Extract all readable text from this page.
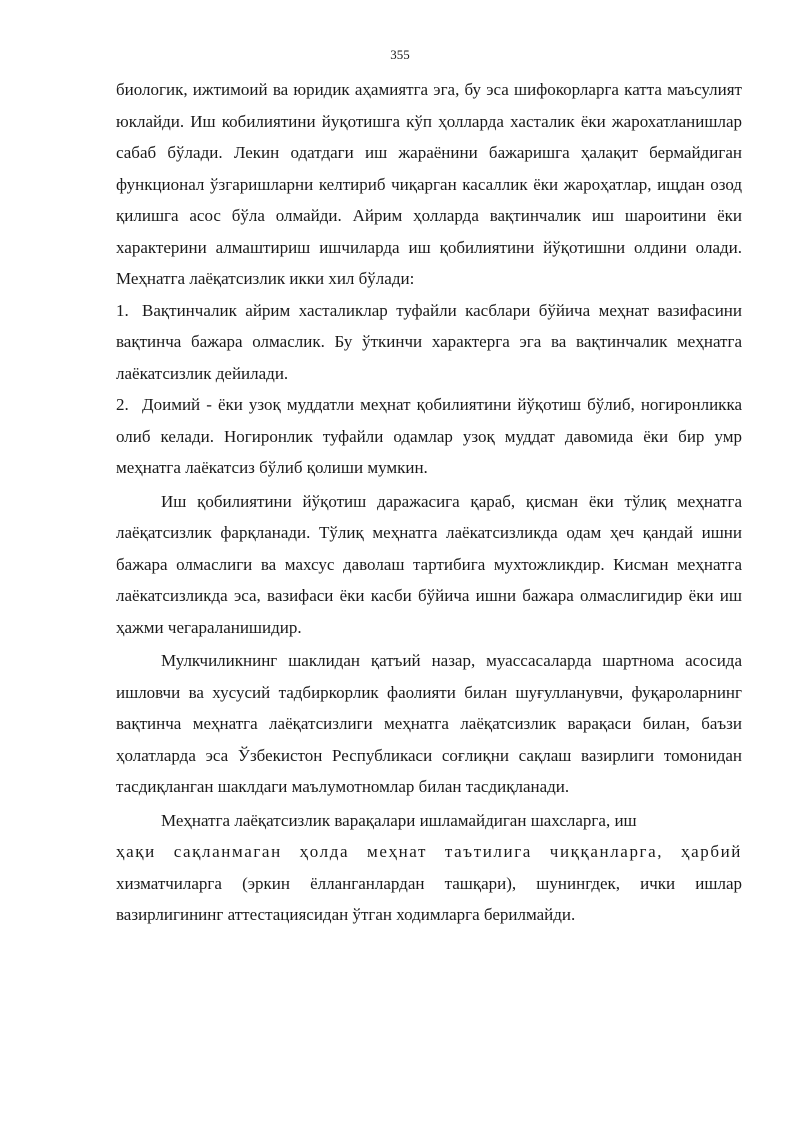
355

биологик, ижтимоий ва юридик аҳамиятга эга, бу эса шифокорларга катта маъсулият юклайди. Иш кобилиятини йуқотишга кўп ҳолларда хасталик ёки жарохатланишлар сабаб бўлади. Лекин одатдаги иш жараёнини бажаришга ҳалақит бермайдиган функционал ўзгаришларни келтириб чиқарган касаллик ёки жароҳатлар, ищдан озод қилишга асос бўла олмайди. Айрим ҳолларда вақтинчалик иш шароитини ёки характерини алмаштириш ишчиларда иш қобилиятини йўқотишни олдини олади. Меҳнатга лаёқатсизлик икки хил бўлади:

1. Вақтинчалик айрим хасталиклар туфайли касблари бўйича меҳнат вазифасини вақтинча бажара олмаслик. Бу ўткинчи характерга эга ва вақтинчалик меҳнатга лаёкатсизлик дейилади.

2. Доимий - ёки узоқ муддатли меҳнат қобилиятини йўқотиш бўлиб, ногиронликка олиб келади. Ногиронлик туфайли одамлар узоқ муддат давомида ёки бир умр меҳнатга лаёкатсиз бўлиб қолиши мумкин.

Иш қобилиятини йўқотиш даражасига қараб, қисман ёки тўлиқ меҳнатга лаёқатсизлик фарқланади. Тўлиқ меҳнатга лаёкатсизликда одам ҳеч қандай ишни бажара олмаслиги ва махсус даволаш тартибига мухтожликдир. Кисман меҳнатга лаёкатсизликда эса, вазифаси ёки касби бўйича ишни бажара олмаслигидир ёки иш ҳажми чегараланишидир.

Мулкчиликнинг шаклидан қатъий назар, муассасаларда шартнома асосида ишловчи ва хусусий тадбиркорлик фаолияти билан шуғулланувчи, фуқароларнинг вақтинча меҳнатга лаёқатсизлиги меҳнатга лаёқатсизлик варақаси билан, баъзи ҳолатларда эса Ўзбекистон Республикаси соғлиқни сақлаш вазирлиги томонидан тасдиқланган шаклдаги маълумотномлар билан тасдиқланади.

Меҳнатга лаёқатсизлик варақалари ишламайдиган шахсларга, иш
ҳақи сақланмаган ҳолда меҳнат таътилига чиққанларга, ҳарбий хизматчиларга (эркин ёлланганлардан ташқари), шунингдек, ички ишлар вазирлигининг аттестациясидан ўтган ходимларга берилмайди.
